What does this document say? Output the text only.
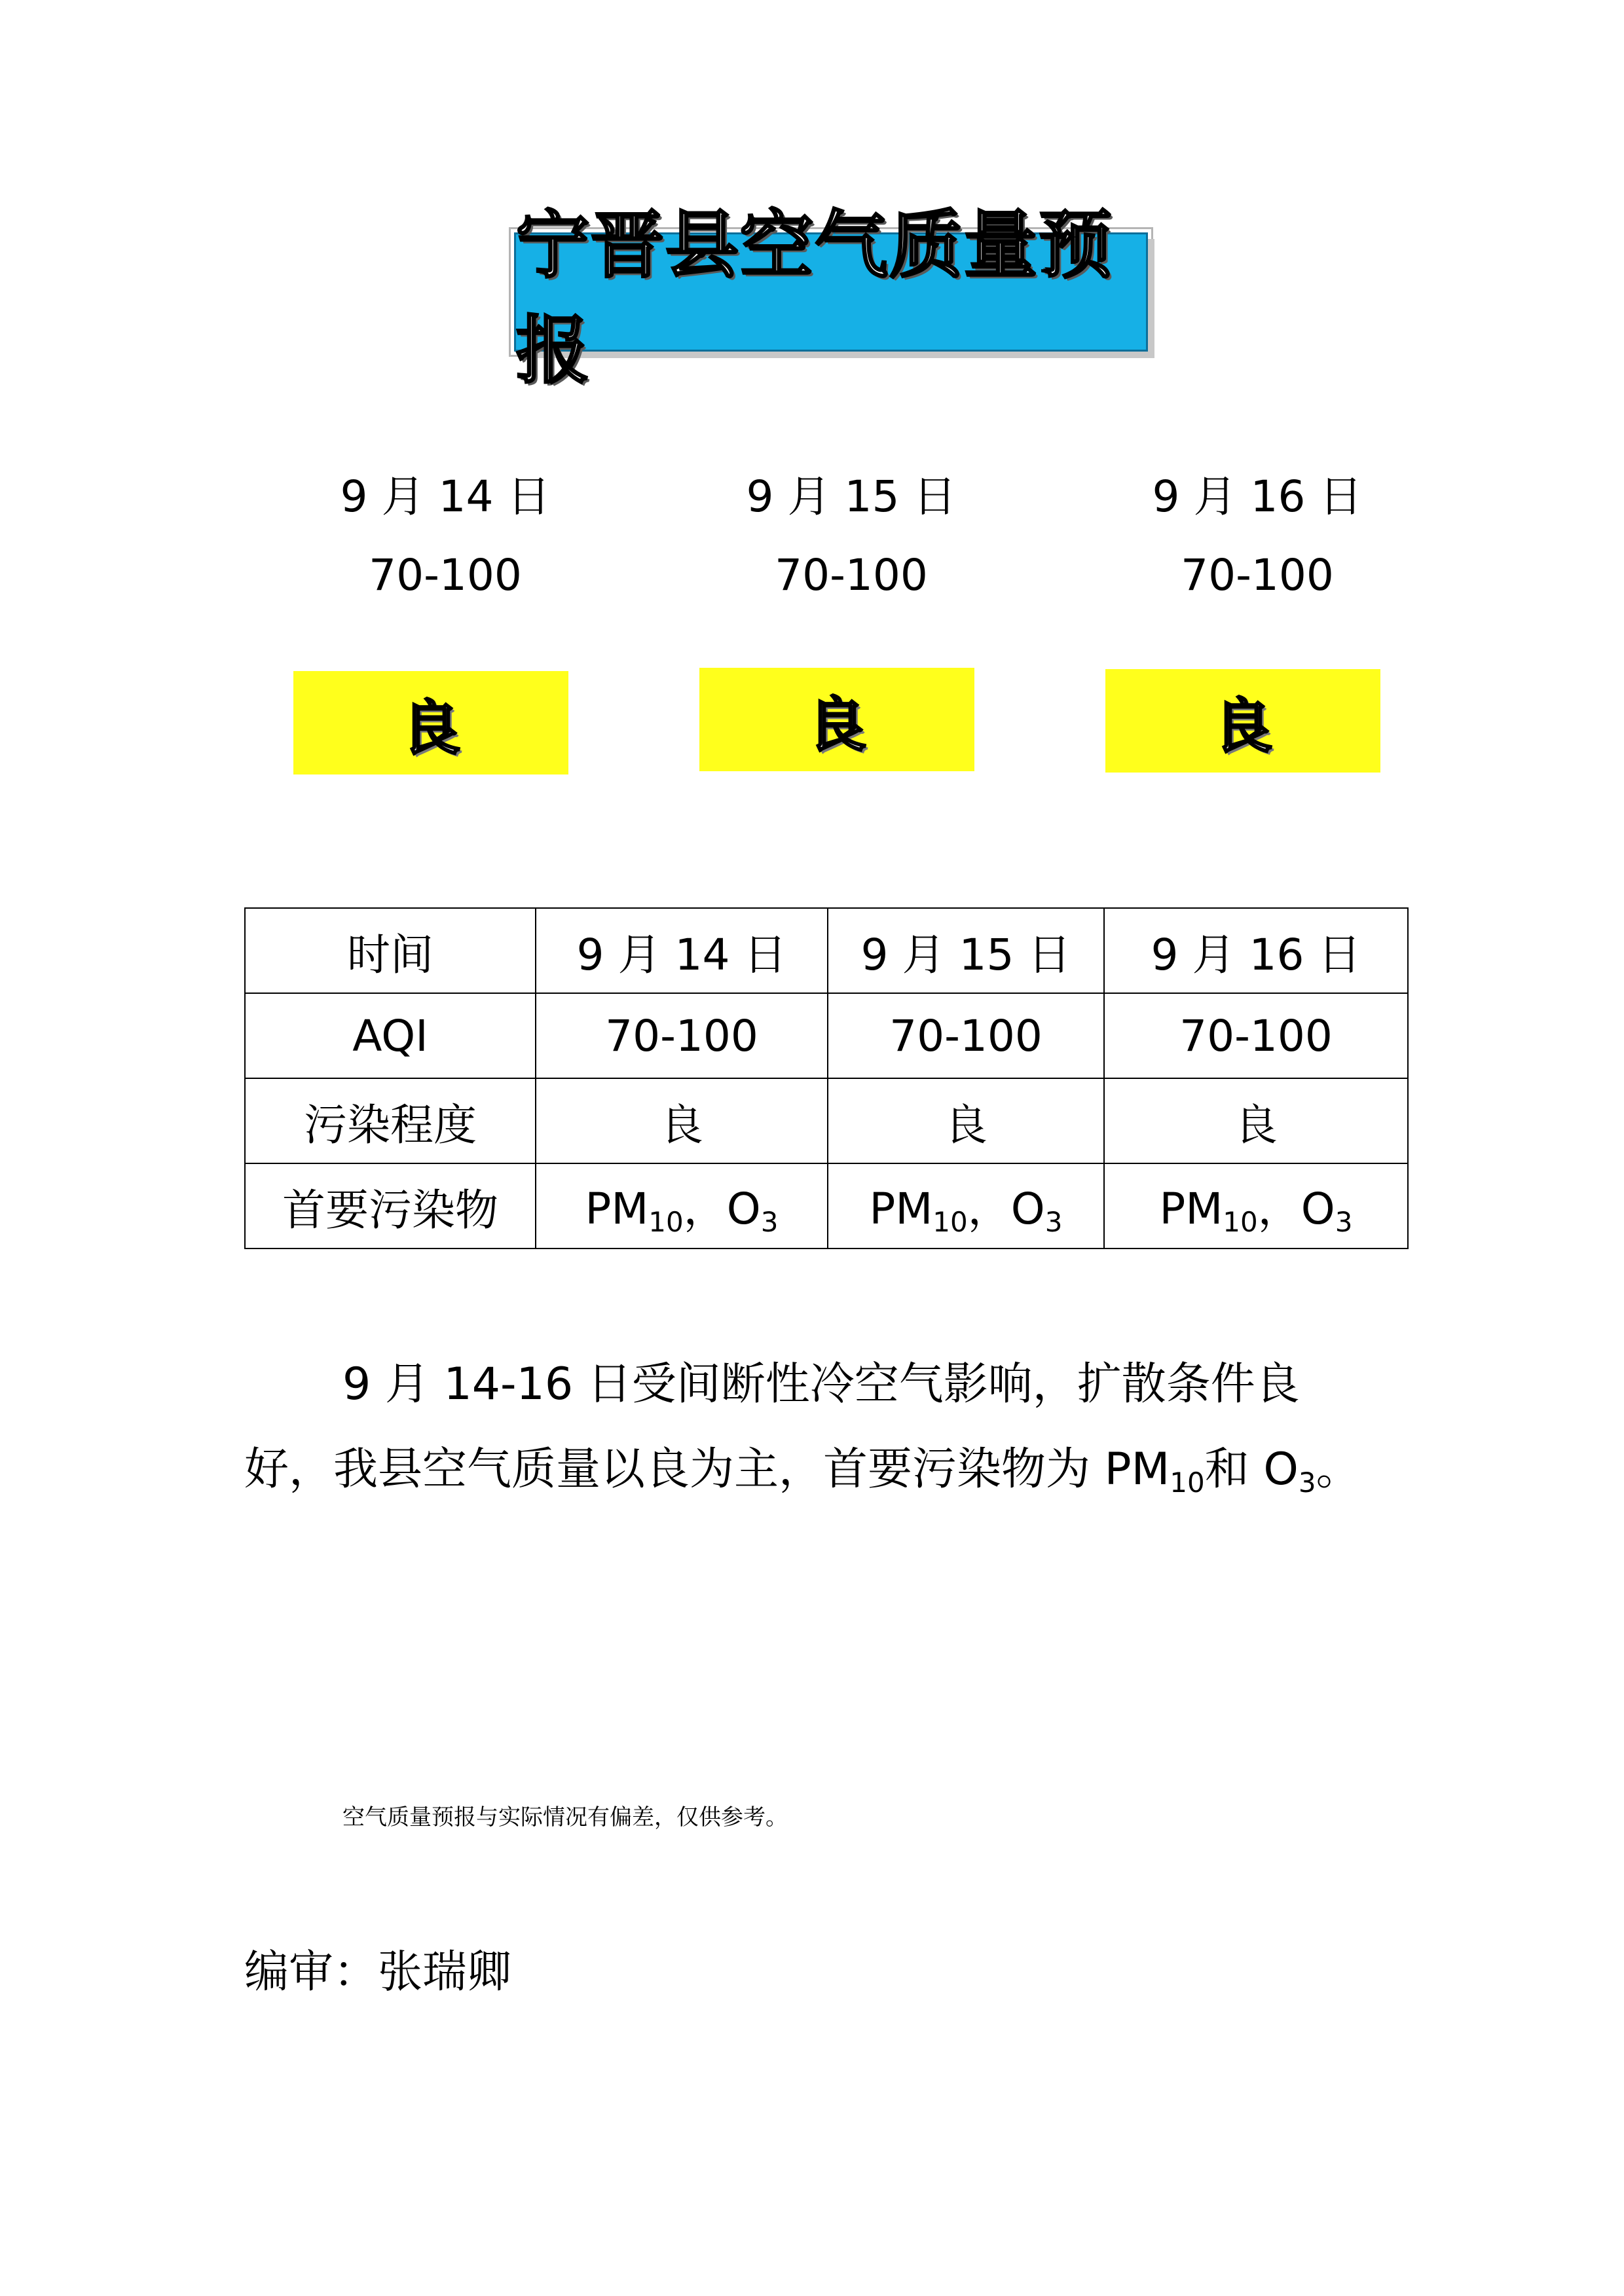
宁晋县空气质量预报
9 月 14 日
70-100
9 月 15 日
70-100
9 月 16 日
70-100
良	良	良
时间	9 月 14 日	9 月 15 日	9 月 16 日
AQI	70-100	70-100	70-100
污染程度	良	良	良
首要污染物	$PM_{10}$，$O_3$	$PM_{10}$，$O_3$	$PM_{10}$，$O_3$
9 月 14-16 日受间断性冷空气影响，扩散条件良好，我县空气质量以良为主，首要污染物为 $PM_{10}$和 $O_3$。
空气质量预报与实际情况有偏差，仅供参考。
编审：张瑞卿
